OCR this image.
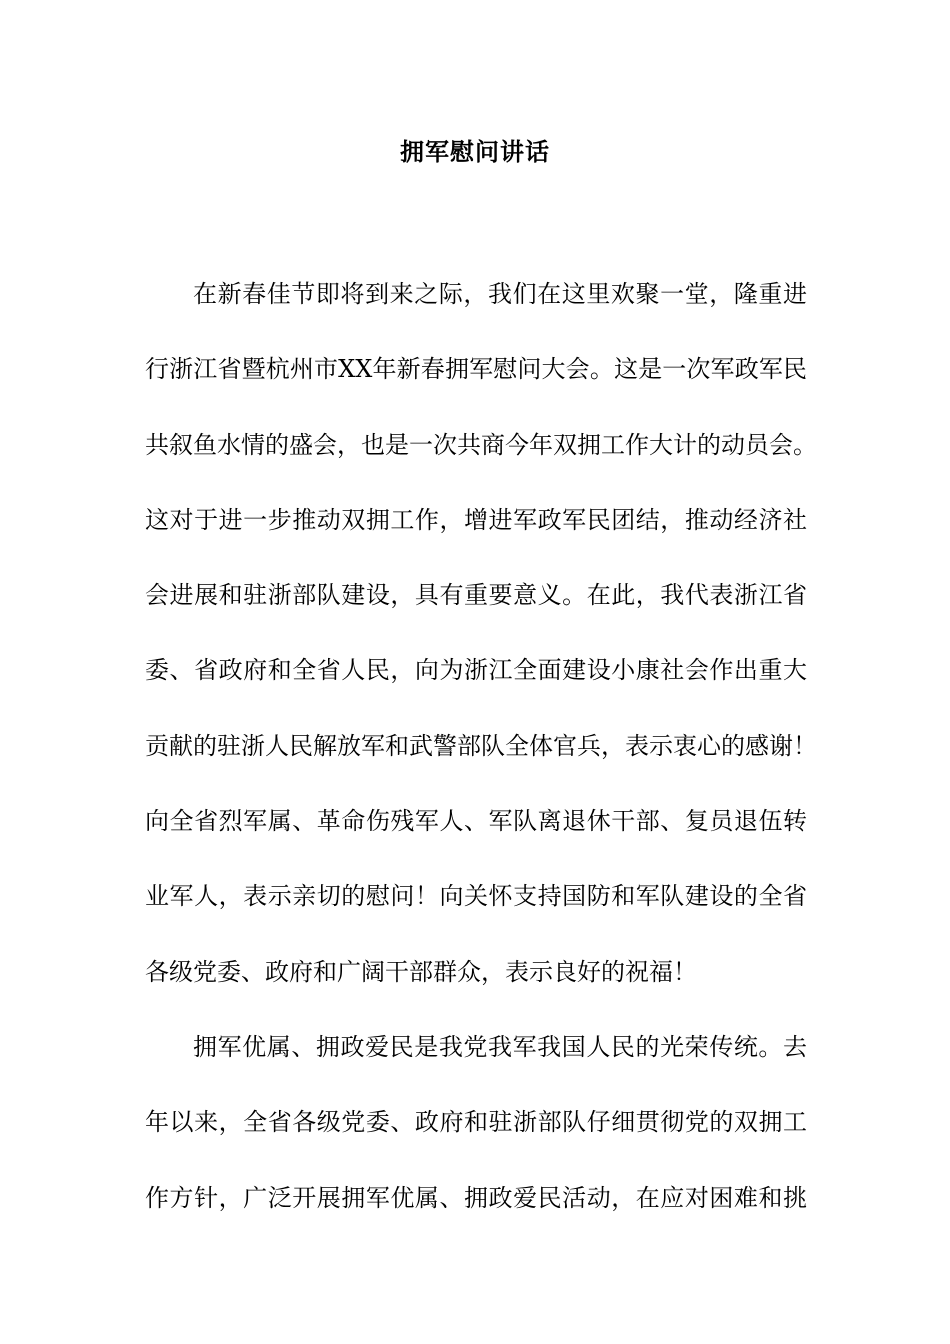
拥军慰问讲话
在新春佳节即将到来之际，我们在这里欢聚一堂，隆重进
行浙江省暨杭州市XX年新春拥军慰问大会。这是一次军政军民
共叙鱼水情的盛会，也是一次共商今年双拥工作大计的动员会。
这对于进一步推动双拥工作，增进军政军民团结，推动经济社
会进展和驻浙部队建设，具有重要意义。在此，我代表浙江省
委、省政府和全省人民，向为浙江全面建设小康社会作出重大
贡献的驻浙人民解放军和武警部队全体官兵，表示衷心的感谢！
向全省烈军属、革命伤残军人、军队离退休干部、复员退伍转
业军人，表示亲切的慰问！向关怀支持国防和军队建设的全省
各级党委、政府和广阔干部群众，表示良好的祝福！
拥军优属、拥政爱民是我党我军我国人民的光荣传统。去
年以来，全省各级党委、政府和驻浙部队仔细贯彻党的双拥工
作方针，广泛开展拥军优属、拥政爱民活动，在应对困难和挑
